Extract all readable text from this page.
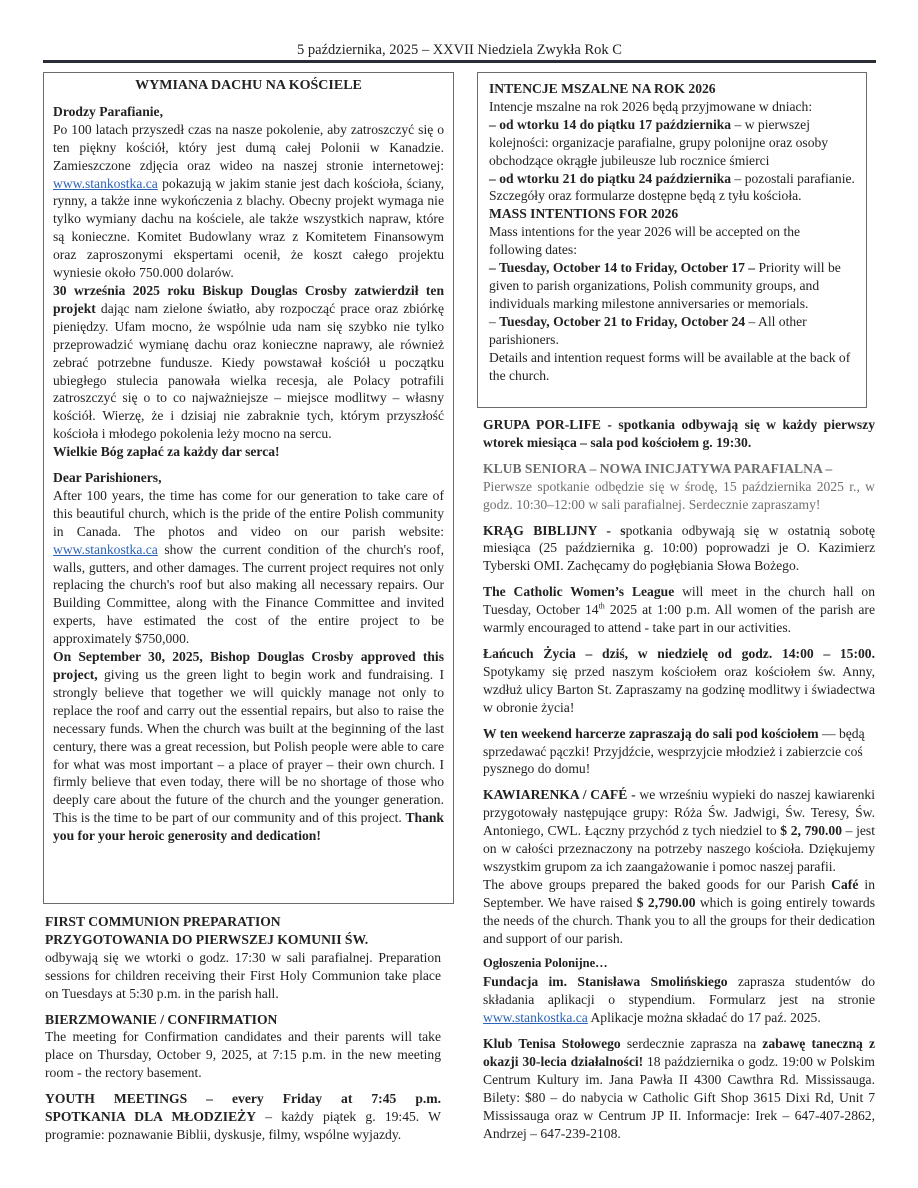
5 października, 2025 – XXVII Niedziela Zwykła Rok C
WYMIANA DACHU NA KOŚCIELE

Drodzy Parafianie,

Po 100 latach przyszedł czas na nasze pokolenie, aby zatroszczyć się o ten piękny kościół, który jest dumą całej Polonii w Kanadzie. Zamieszczone zdjęcia oraz wideo na naszej stronie internetowej: www.stankostka.ca pokazują w jakim stanie jest dach kościoła, ściany, rynny, a także inne wykończenia z blachy. Obecny projekt wymaga nie tylko wymiany dachu na kościele, ale także wszystkich napraw, które są konieczne. Komitet Budowlany wraz z Komitetem Finansowym oraz zaproszonymi ekspertami ocenił, że koszt całego projektu wyniesie około 750.000 dolarów.

30 września 2025 roku Biskup Douglas Crosby zatwierdził ten projekt dając nam zielone światło, aby rozpocząć prace oraz zbiórkę pieniędzy. Ufam mocno, że wspólnie uda nam się szybko nie tylko przeprowadzić wymianę dachu oraz konieczne naprawy, ale również zebrać potrzebne fundusze. Kiedy powstawał kościół u początku ubiegłego stulecia panowała wielka recesja, ale Polacy potrafili zatroszczyć się o to co najważniejsze – miejsce modlitwy – własny kościół. Wierzę, że i dzisiaj nie zabraknie tych, którym przyszłość kościoła i młodego pokolenia leży mocno na sercu.

Wielkie Bóg zapłać za każdy dar serca!

Dear Parishioners,

After 100 years, the time has come for our generation to take care of this beautiful church, which is the pride of the entire Polish community in Canada. The photos and video on our parish website: www.stankostka.ca show the current condition of the church's roof, walls, gutters, and other damages. The current project requires not only replacing the church's roof but also making all necessary repairs. Our Building Committee, along with the Finance Committee and invited experts, have estimated the cost of the entire project to be approximately $750,000.

On September 30, 2025, Bishop Douglas Crosby approved this project, giving us the green light to begin work and fundraising. I strongly believe that together we will quickly manage not only to replace the roof and carry out the essential repairs, but also to raise the necessary funds. When the church was built at the beginning of the last century, there was a great recession, but Polish people were able to care for what was most important – a place of prayer – their own church. I firmly believe that even today, there will be no shortage of those who deeply care about the future of the church and the younger generation. This is the time to be part of our community and of this project. Thank you for your heroic generosity and dedication!

FIRST COMMUNION PREPARATION

PRZYGOTOWANIA DO PIERWSZEJ KOMUNII ŚW.

odbywają się we wtorki o godz. 17:30 w sali parafialnej. Preparation sessions for children receiving their First Holy Communion take place on Tuesdays at 5:30 p.m. in the parish hall.

BIERZMOWANIE / CONFIRMATION

The meeting for Confirmation candidates and their parents will take place on Thursday, October 9, 2025, at 7:15 p.m. in the new meeting room - the rectory basement.

YOUTH MEETINGS – every Friday at 7:45 p.m.

SPOTKANIA DLA MŁODZIEŻY – każdy piątek g. 19:45. W programie: poznawanie Biblii, dyskusje, filmy, wspólne wyjazdy.

INTENCJE MSZALNE NA ROK 2026

Intencje mszalne na rok 2026 będą przyjmowane w dniach:

– od wtorku 14 do piątku 17 października – w pierwszej kolejności: organizacje parafialne, grupy polonijne oraz osoby obchodzące okrągłe jubileusze lub rocznice śmierci

– od wtorku 21 do piątku 24 października – pozostali parafianie. Szczegóły oraz formularze dostępne będą z tyłu kościoła.

MASS INTENTIONS FOR 2026

Mass intentions for the year 2026 will be accepted on the following dates:

– Tuesday, October 14 to Friday, October 17 – Priority will be given to parish organizations, Polish community groups, and individuals marking milestone anniversaries or memorials.

– Tuesday, October 21 to Friday, October 24 – All other parishioners.

Details and intention request forms will be available at the back of the church.

GRUPA POR-LIFE - spotkania odbywają się w każdy pierwszy wtorek miesiąca – sala pod kościołem g. 19:30.

KLUB SENIORA – NOWA INICJATYWA PARAFIALNA –

Pierwsze spotkanie odbędzie się w środę, 15 października 2025 r., w godz. 10:30–12:00 w sali parafialnej. Serdecznie zapraszamy!

KRĄG BIBLIJNY - spotkania odbywają się w ostatnią sobotę miesiąca (25 października g. 10:00) poprowadzi je O. Kazimierz Tyberski OMI. Zachęcamy do pogłębiania Słowa Bożego.

The Catholic Women’s League will meet in the church hall on Tuesday, October 14th 2025 at 1:00 p.m. All women of the parish are warmly encouraged to attend - take part in our activities.

Łańcuch Życia – dziś, w niedzielę od godz. 14:00 – 15:00. Spotykamy się przed naszym kościołem oraz kościołem św. Anny, wzdłuż ulicy Barton St. Zapraszamy na godzinę modlitwy i świadectwa w obronie życia!

W ten weekend harcerze zapraszają do sali pod kościołem — będą sprzedawać pączki! Przyjdźcie, wesprzyjcie młodzież i zabierzcie coś pysznego do domu!

KAWIARENKA / CAFÉ - we wrześniu wypieki do naszej kawiarenki przygotowały następujące grupy: Róża Św. Jadwigi, Św. Teresy, Św. Antoniego, CWL. Łączny przychód z tych niedziel to $ 2, 790.00 – jest on w całości przeznaczony na potrzeby naszego kościoła. Dziękujemy wszystkim grupom za ich zaangażowanie i pomoc naszej parafii.

The above groups prepared the baked goods for our Parish Café in September. We have raised $ 2,790.00 which is going entirely towards the needs of the church. Thank you to all the groups for their dedication and support of our parish.

Ogłoszenia Polonijne…

Fundacja im. Stanisława Smolińskiego zaprasza studentów do składania aplikacji o stypendium. Formularz jest na stronie www.stankostka.ca Aplikacje można składać do 17 paź. 2025.

Klub Tenisa Stołowego serdecznie zaprasza na zabawę taneczną z okazji 30-lecia działalności! 18 października o godz. 19:00 w Polskim Centrum Kultury im. Jana Pawła II 4300 Cawthra Rd. Mississauga. Bilety: $80 – do nabycia w Catholic Gift Shop 3615 Dixi Rd, Unit 7 Mississauga oraz w Centrum JP II. Informacje: Irek – 647-407-2862, Andrzej – 647-239-2108.
